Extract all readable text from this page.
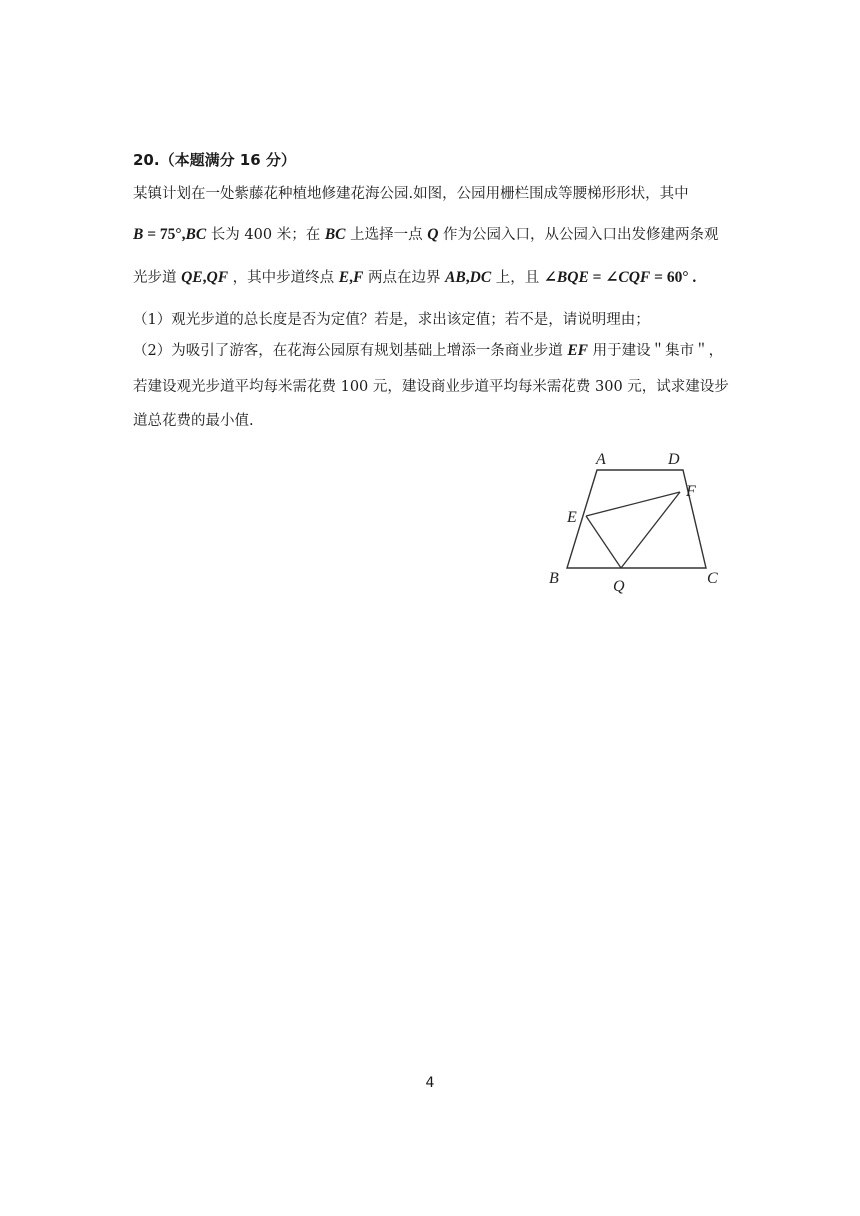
20.（本题满分 16 分）
某镇计划在一处紫藤花种植地修建花海公园.如图，公园用栅栏围成等腰梯形形状，其中
B = 75°,BC 长为 400 米；在 BC 上选择一点 Q 作为公园入口，从公园入口出发修建两条观
光步道 QE,QF ，其中步道终点 E,F 两点在边界 AB,DC 上，且 ∠BQE = ∠CQF = 60° .
（1）观光步道的总长度是否为定值？若是，求出该定值；若不是，请说明理由；
（2）为吸引了游客，在花海公园原有规划基础上增添一条商业步道 EF 用于建设＂集市＂，
若建设观光步道平均每米需花费 100 元，建设商业步道平均每米需花费 300 元，试求建设步
道总花费的最小值.
A	D
F
E
B	Q	C
4
